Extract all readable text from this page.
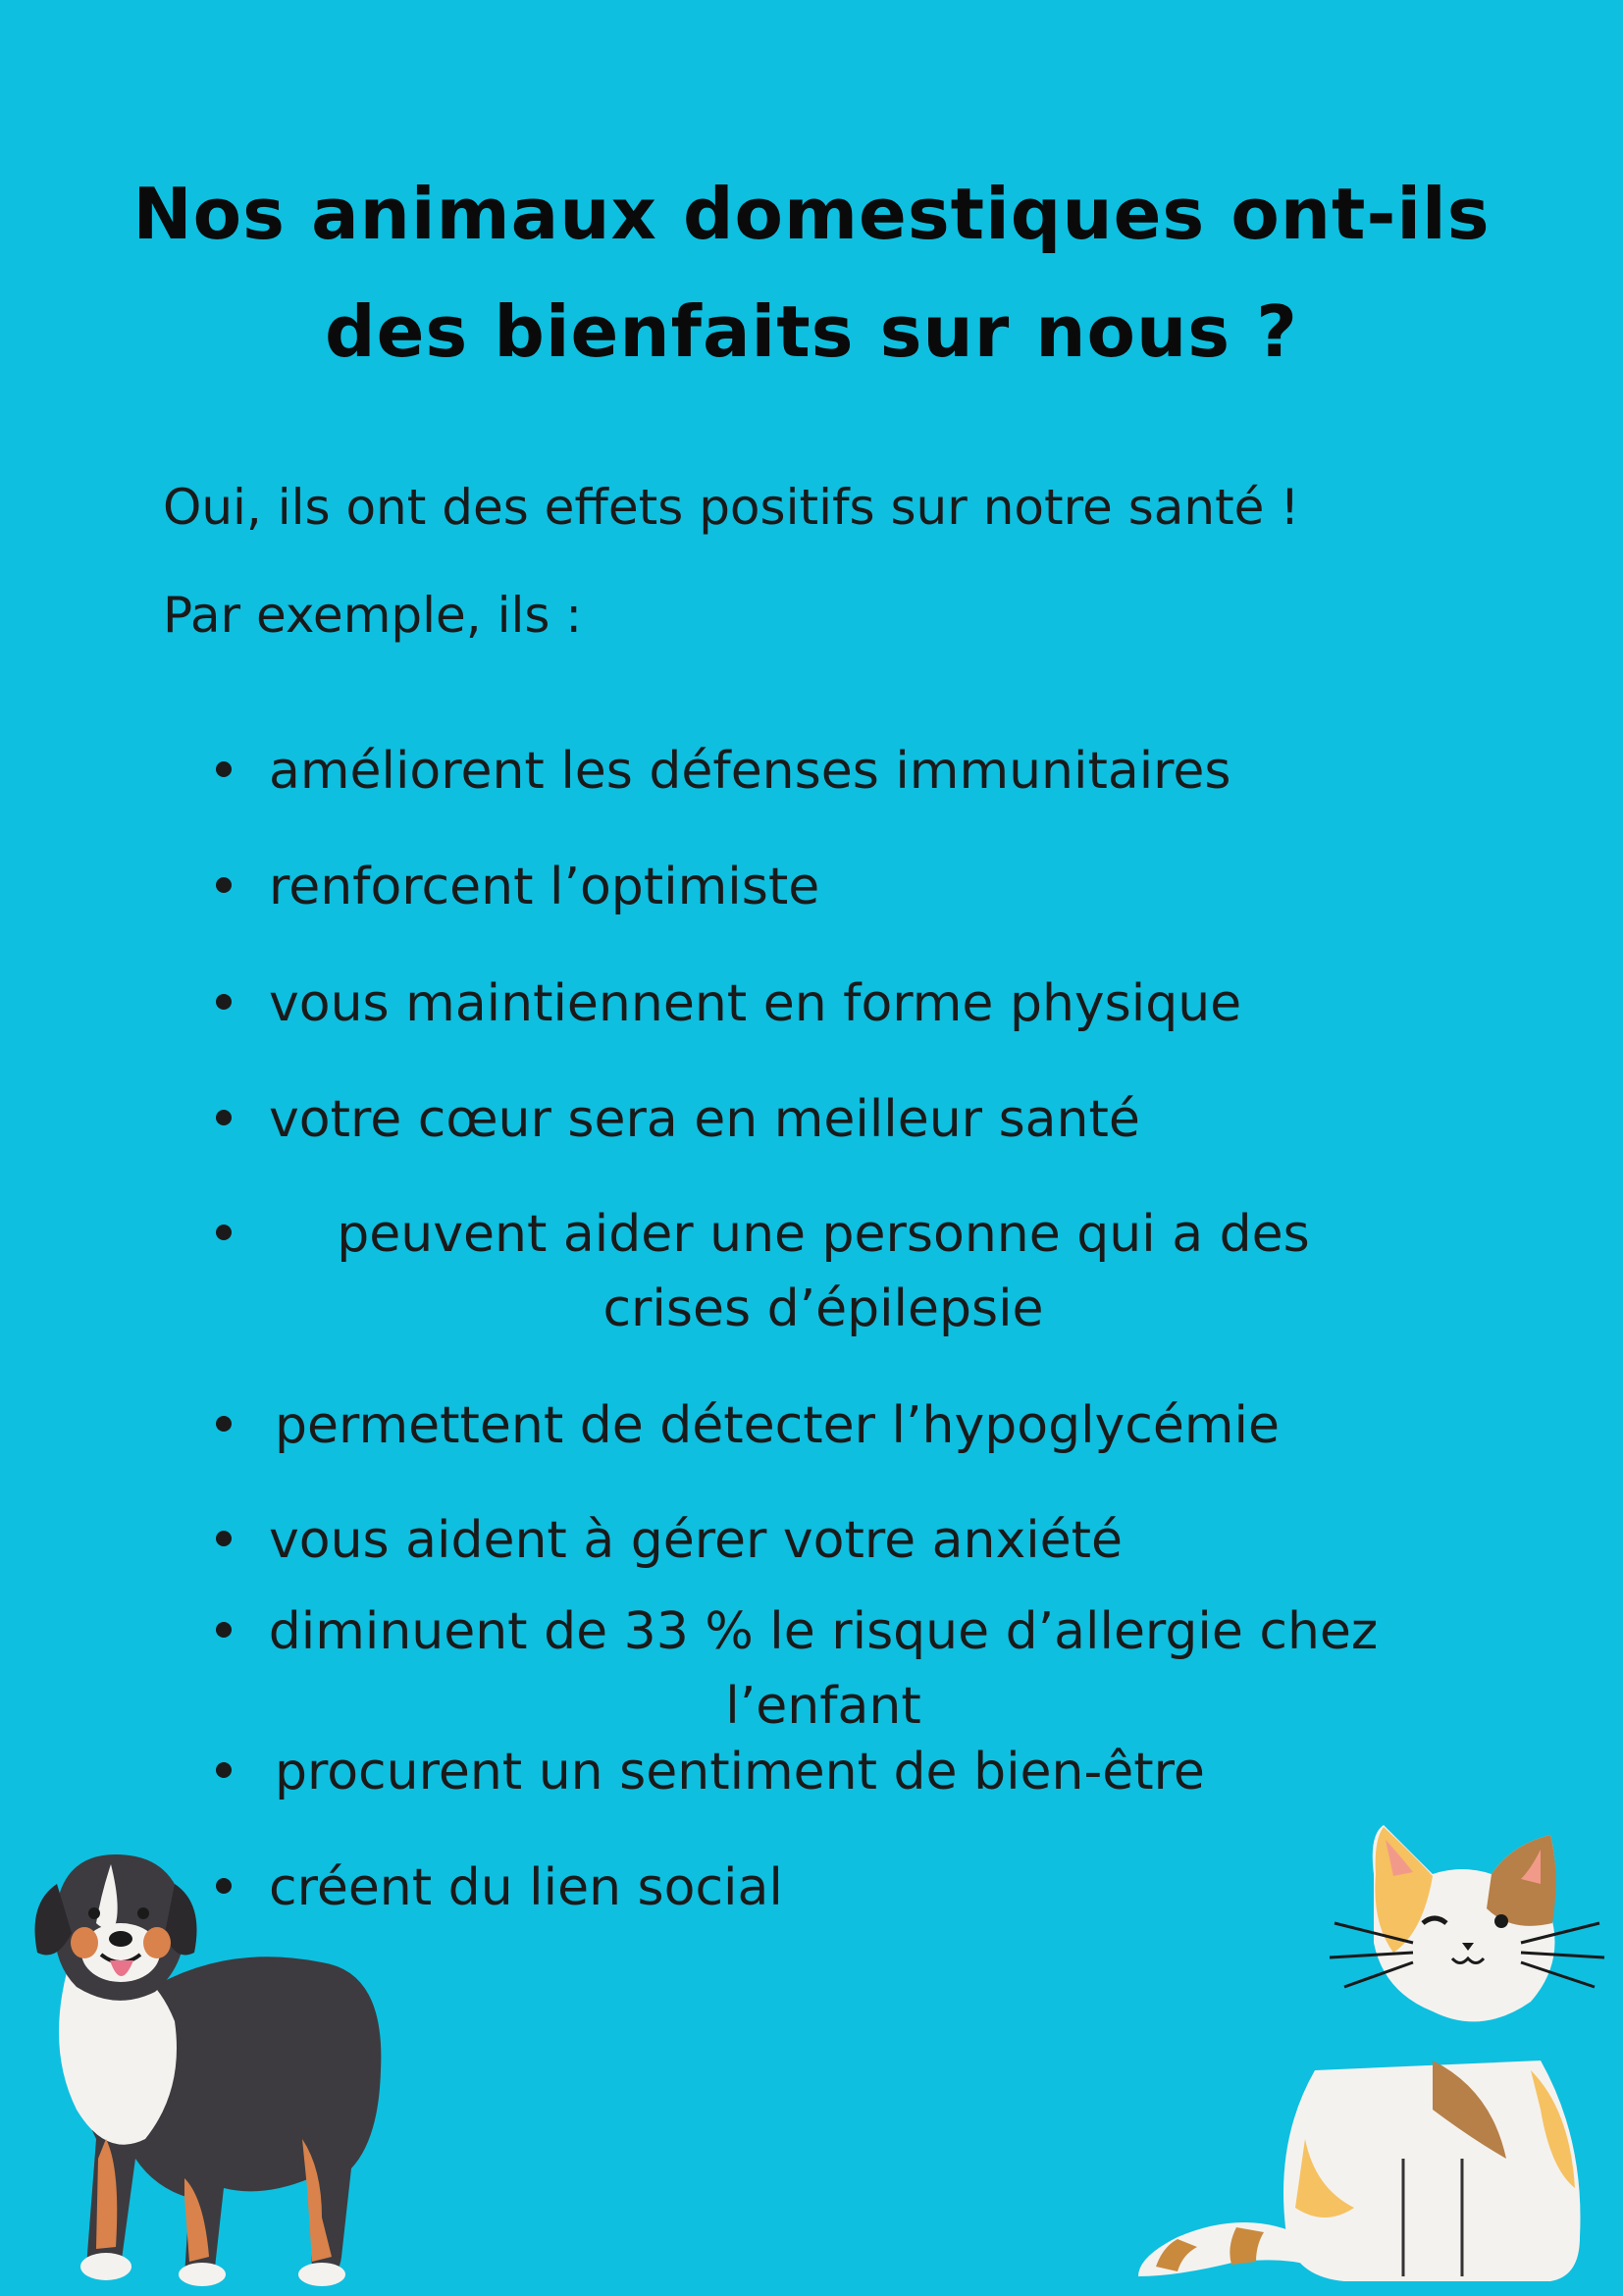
Nos animaux domestiques ont-ils
des bienfaits sur nous ?

Oui, ils ont des effets positifs sur notre santé !

Par exemple, ils :

améliorent les défenses immunitaires
renforcent l’optimiste
vous maintiennent en forme physique
votre cœur sera en meilleur santé
peuvent aider une personne qui a des crises d’épilepsie
permettent de détecter l’hypoglycémie
vous aident à gérer votre anxiété
diminuent de 33 % le risque d’allergie chez l’enfant
procurent un sentiment de bien-être
créent du lien social
